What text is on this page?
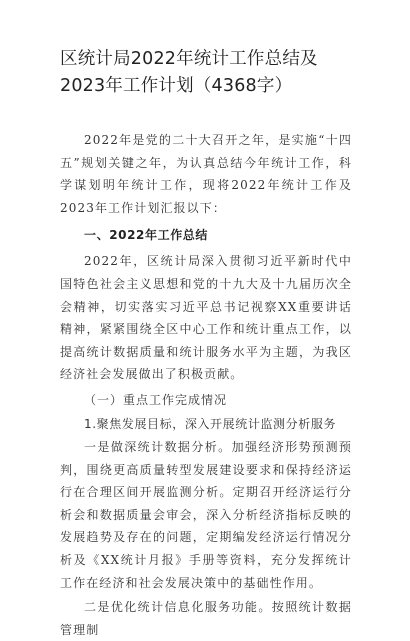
区统计局2022年统计工作总结及2023年工作计划（4368字）

2022年是党的二十大召开之年，是实施“十四五”规划关键之年，为认真总结今年统计工作，科学谋划明年统计工作，现将2022年统计工作及2023年工作计划汇报以下：

一、2022年工作总结

2022年，区统计局深入贯彻习近平新时代中国特色社会主义思想和党的十九大及十九届历次全会精神，切实落实习近平总书记视察XX重要讲话精神，紧紧围绕全区中心工作和统计重点工作，以提高统计数据质量和统计服务水平为主题，为我区经济社会发展做出了积极贡献。

（一）重点工作完成情况

1.聚焦发展目标，深入开展统计监测分析服务

一是做深统计数据分析。加强经济形势预测预判，围绕更高质量转型发展建设要求和保持经济运行在合理区间开展监测分析。定期召开经济运行分析会和数据质量会审会，深入分析经济指标反映的发展趋势及存在的问题，定期编发经济运行情况分析及《XX统计月报》手册等资料，充分发挥统计工作在经济和社会发展决策中的基础性作用。

二是优化统计信息化服务功能。按照统计数据管理制
